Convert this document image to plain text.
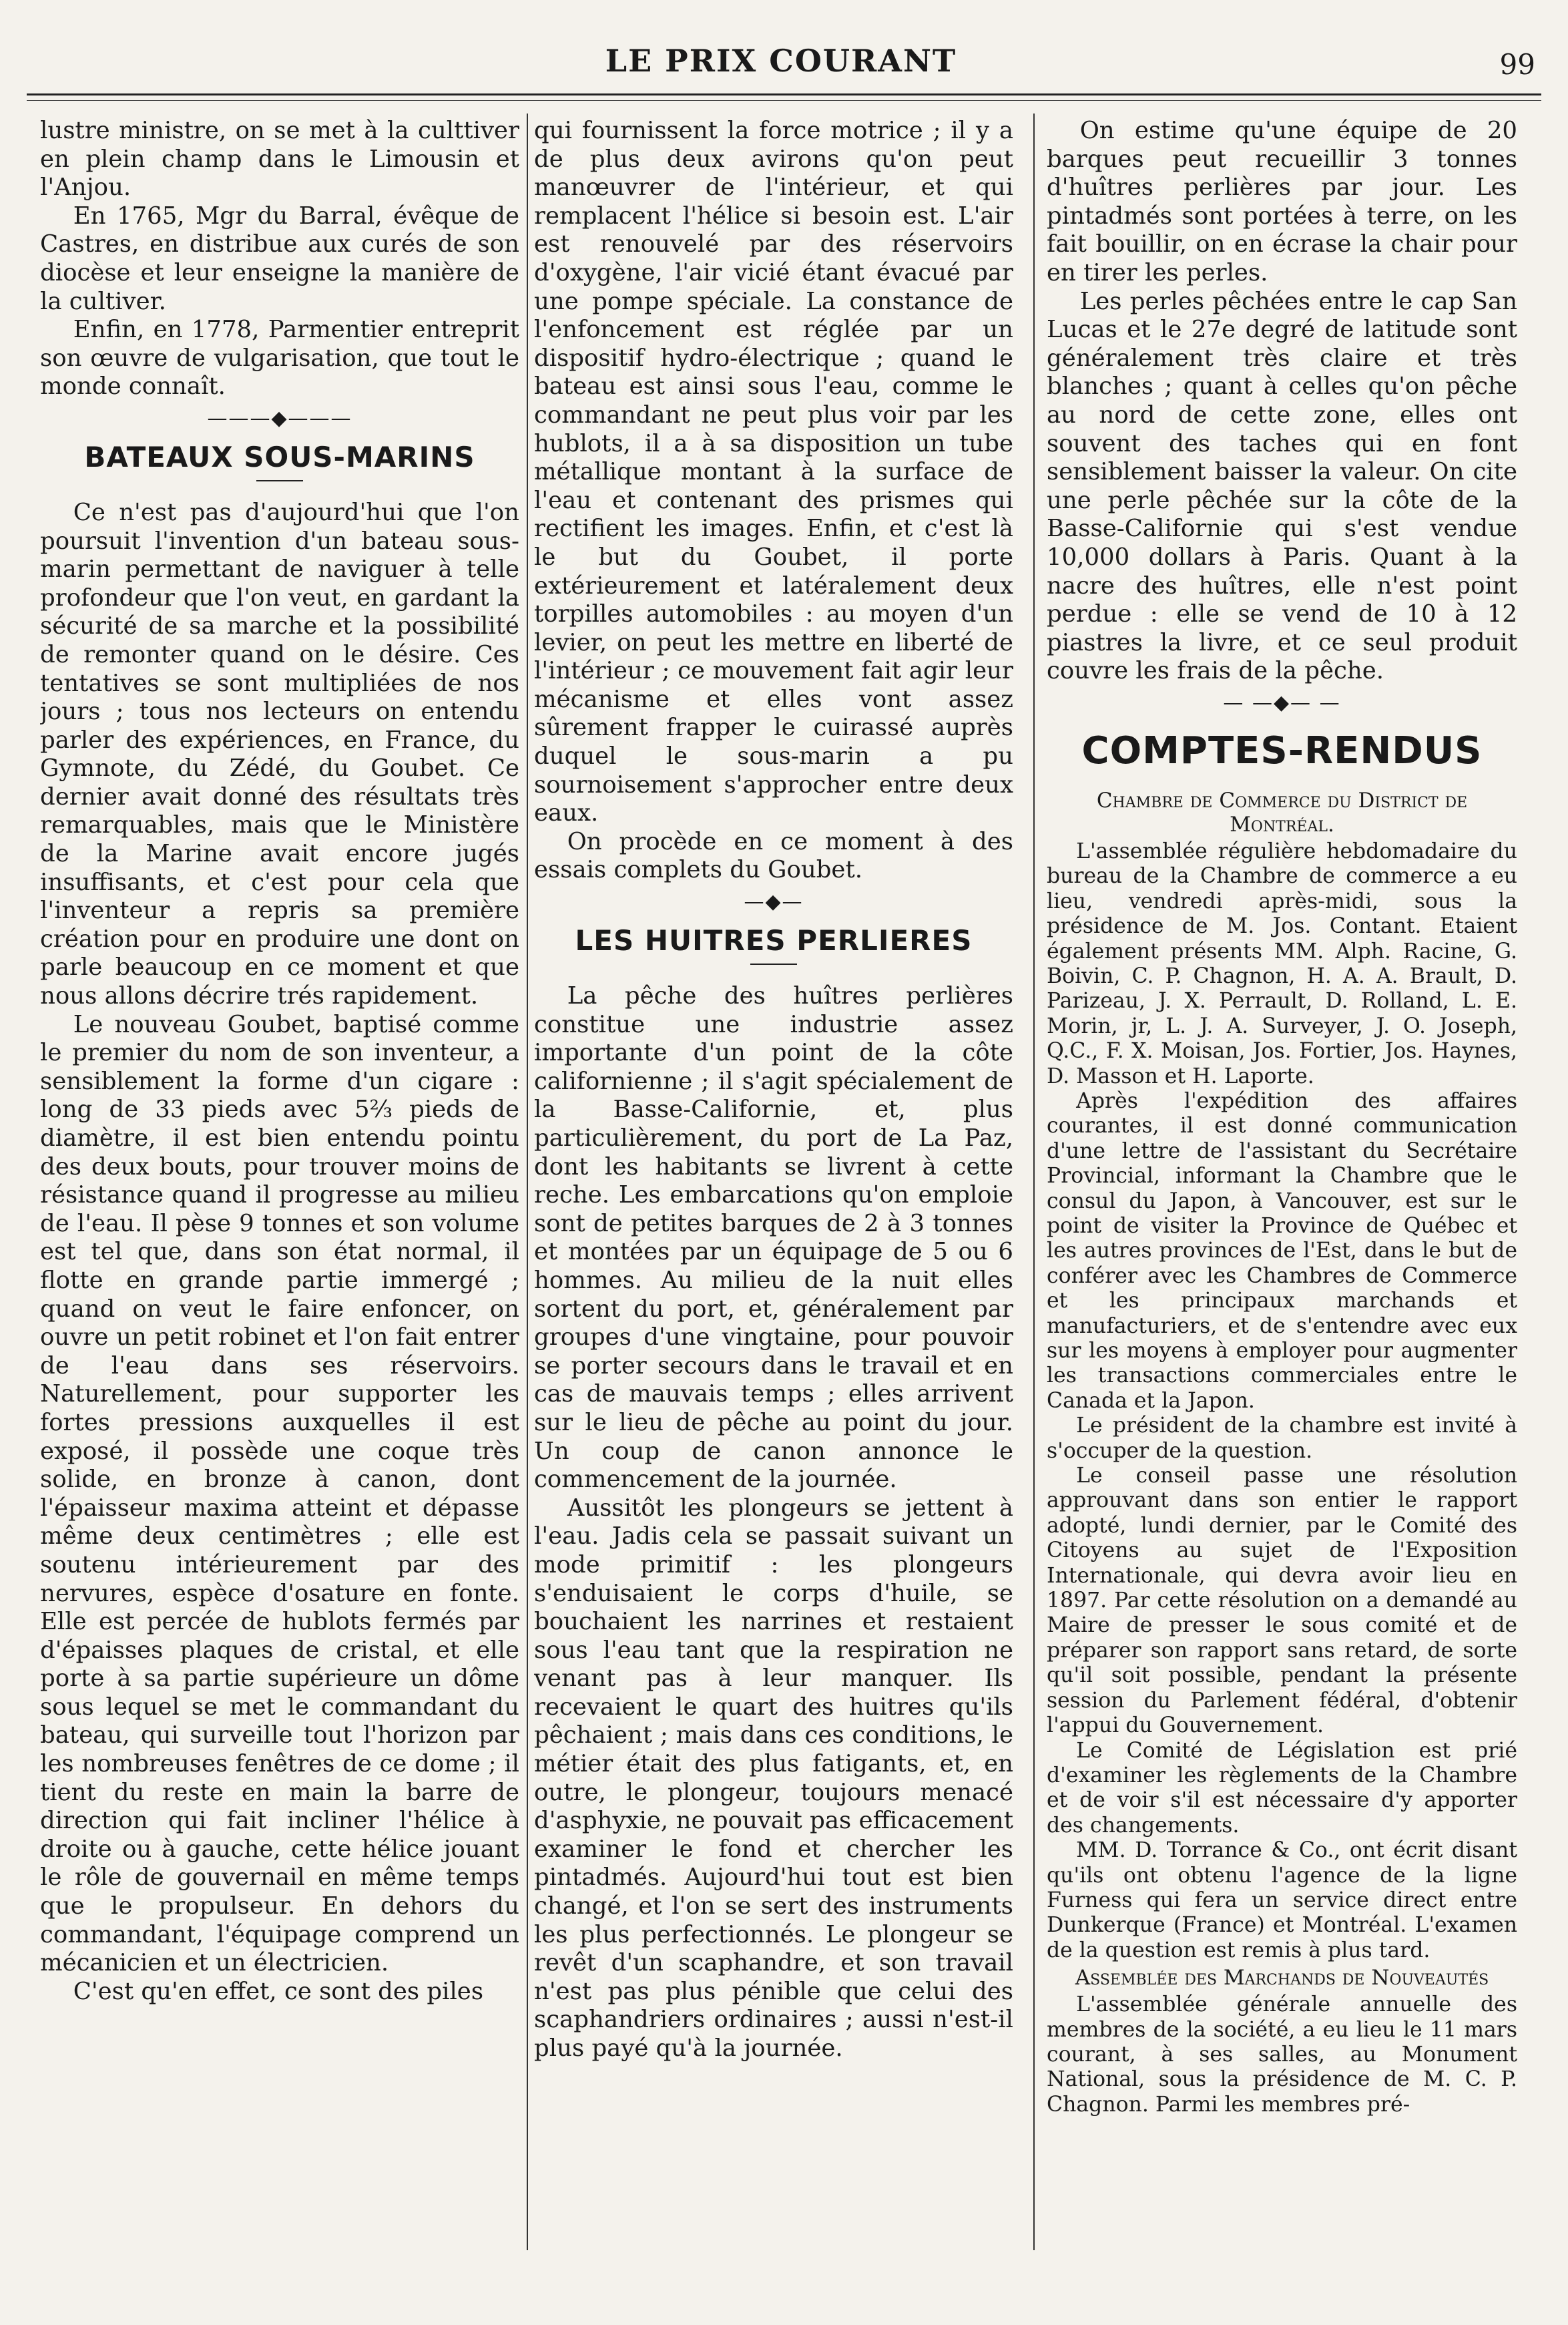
LE PRIX COURANT	99

lustre ministre, on se met à la culttiver en plein champ dans le Limousin et l'Anjou.

En 1765, Mgr du Barral, évêque de Castres, en distribue aux curés de son diocèse et leur enseigne la manière de la cultiver.

Enfin, en 1778, Parmentier entreprit son œuvre de vulgarisation, que tout le monde connaît.

———◆———
BATEAUX SOUS-MARINS

Ce n'est pas d'aujourd'hui que l'on poursuit l'invention d'un bateau sous-marin permettant de naviguer à telle profondeur que l'on veut, en gardant la sécurité de sa marche et la possibilité de remonter quand on le désire. Ces tentatives se sont multipliées de nos jours ; tous nos lecteurs on entendu parler des expériences, en France, du Gymnote, du Zédé, du Goubet. Ce dernier avait donné des résultats très remarquables, mais que le Ministère de la Marine avait encore jugés insuffisants, et c'est pour cela que l'inventeur a repris sa première création pour en produire une dont on parle beaucoup en ce moment et que nous allons décrire trés rapidement.

Le nouveau Goubet, baptisé comme le premier du nom de son inventeur, a sensiblement la forme d'un cigare : long de 33 pieds avec 5⅔ pieds de diamètre, il est bien entendu pointu des deux bouts, pour trouver moins de résistance quand il progresse au milieu de l'eau. Il pèse 9 tonnes et son volume est tel que, dans son état normal, il flotte en grande partie immergé ; quand on veut le faire enfoncer, on ouvre un petit robinet et l'on fait entrer de l'eau dans ses réservoirs. Naturellement, pour supporter les fortes pressions auxquelles il est exposé, il possède une coque très solide, en bronze à canon, dont l'épaisseur maxima atteint et dépasse même deux centimètres ; elle est soutenu intérieurement par des nervures, espèce d'osature en fonte. Elle est percée de hublots fermés par d'épaisses plaques de cristal, et elle porte à sa partie supérieure un dôme sous lequel se met le commandant du bateau, qui surveille tout l'horizon par les nombreuses fenêtres de ce dome ; il tient du reste en main la barre de direction qui fait incliner l'hélice à droite ou à gauche, cette hélice jouant le rôle de gouvernail en même temps que le propulseur. En dehors du commandant, l'équipage comprend un mécanicien et un électricien.

C'est qu'en effet, ce sont des piles

qui fournissent la force motrice ; il y a de plus deux avirons qu'on peut manœuvrer de l'intérieur, et qui remplacent l'hélice si besoin est. L'air est renouvelé par des réservoirs d'oxygène, l'air vicié étant évacué par une pompe spéciale. La constance de l'enfoncement est réglée par un dispositif hydro-électrique ; quand le bateau est ainsi sous l'eau, comme le commandant ne peut plus voir par les hublots, il a à sa disposition un tube métallique montant à la surface de l'eau et contenant des prismes qui rectifient les images. Enfin, et c'est là le but du Goubet, il porte extérieurement et latéralement deux torpilles automobiles : au moyen d'un levier, on peut les mettre en liberté de l'intérieur ; ce mouvement fait agir leur mécanisme et elles vont assez sûrement frapper le cuirassé auprès duquel le sous-marin a pu sournoisement s'approcher entre deux eaux.

On procède en ce moment à des essais complets du Goubet.

—◆—
LES HUITRES PERLIERES

La pêche des huîtres perlières constitue une industrie assez importante d'un point de la côte californienne ; il s'agit spécialement de la Basse-Californie, et, plus particulièrement, du port de La Paz, dont les habitants se livrent à cette reche. Les embarcations qu'on emploie sont de petites barques de 2 à 3 tonnes et montées par un équipage de 5 ou 6 hommes. Au milieu de la nuit elles sortent du port, et, généralement par groupes d'une vingtaine, pour pouvoir se porter secours dans le travail et en cas de mauvais temps ; elles arrivent sur le lieu de pêche au point du jour. Un coup de canon annonce le commencement de la journée.

Aussitôt les plongeurs se jettent à l'eau. Jadis cela se passait suivant un mode primitif : les plongeurs s'enduisaient le corps d'huile, se bouchaient les narrines et restaient sous l'eau tant que la respiration ne venant pas à leur manquer. Ils recevaient le quart des huitres qu'ils pêchaient ; mais dans ces conditions, le métier était des plus fatigants, et, en outre, le plongeur, toujours menacé d'asphyxie, ne pouvait pas efficacement examiner le fond et chercher les pintadmés. Aujourd'hui tout est bien changé, et l'on se sert des instruments les plus perfectionnés. Le plongeur se revêt d'un scaphandre, et son travail n'est pas plus pénible que celui des scaphandriers ordinaires ; aussi n'est-il plus payé qu'à la journée.

On estime qu'une équipe de 20 barques peut recueillir 3 tonnes d'huîtres perlières par jour. Les pintadmés sont portées à terre, on les fait bouillir, on en écrase la chair pour en tirer les perles.

Les perles pêchées entre le cap San Lucas et le 27e degré de latitude sont généralement très claire et très blanches ; quant à celles qu'on pêche au nord de cette zone, elles ont souvent des taches qui en font sensiblement baisser la valeur. On cite une perle pêchée sur la côte de la Basse-Californie qui s'est vendue 10,000 dollars à Paris. Quant à la nacre des huîtres, elle n'est point perdue : elle se vend de 10 à 12 piastres la livre, et ce seul produit couvre les frais de la pêche.

— —◆— —
COMPTES-RENDUS
Chambre de Commerce du District de Montréal.

L'assemblée régulière hebdomadaire du bureau de la Chambre de commerce a eu lieu, vendredi après-midi, sous la présidence de M. Jos. Contant. Etaient également présents MM. Alph. Racine, G. Boivin, C. P. Chagnon, H. A. A. Brault, D. Parizeau, J. X. Perrault, D. Rolland, L. E. Morin, jr, L. J. A. Surveyer, J. O. Joseph, Q.C., F. X. Moisan, Jos. Fortier, Jos. Haynes, D. Masson et H. Laporte.

Après l'expédition des affaires courantes, il est donné communication d'une lettre de l'assistant du Secrétaire Provincial, informant la Chambre que le consul du Japon, à Vancouver, est sur le point de visiter la Province de Québec et les autres provinces de l'Est, dans le but de conférer avec les Chambres de Commerce et les principaux marchands et manufacturiers, et de s'entendre avec eux sur les moyens à employer pour augmenter les transactions commerciales entre le Canada et la Japon.

Le président de la chambre est invité à s'occuper de la question.

Le conseil passe une résolution approuvant dans son entier le rapport adopté, lundi dernier, par le Comité des Citoyens au sujet de l'Exposition Internationale, qui devra avoir lieu en 1897. Par cette résolution on a demandé au Maire de presser le sous comité et de préparer son rapport sans retard, de sorte qu'il soit possible, pendant la présente session du Parlement fédéral, d'obtenir l'appui du Gouvernement.

Le Comité de Législation est prié d'examiner les règlements de la Chambre et de voir s'il est nécessaire d'y apporter des changements.

MM. D. Torrance & Co., ont écrit disant qu'ils ont obtenu l'agence de la ligne Furness qui fera un service direct entre Dunkerque (France) et Montréal. L'examen de la question est remis à plus tard.

Assemblée des Marchands de Nouveautés

L'assemblée générale annuelle des membres de la société, a eu lieu le 11 mars courant, à ses salles, au Monument National, sous la présidence de M. C. P. Chagnon. Parmi les membres pré-
